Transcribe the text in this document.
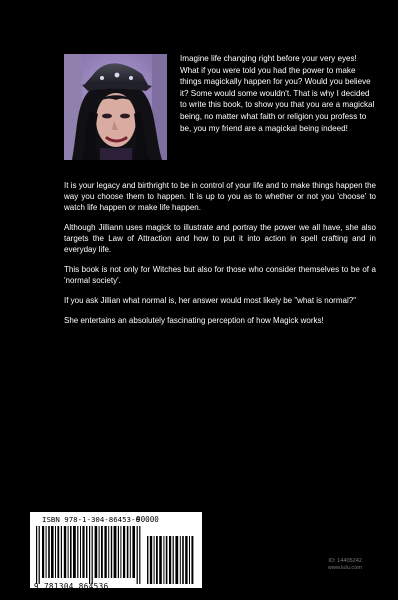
Imagine life changing right before your very eyes! What if you were told you had the power to make things magickally happen for you? Would you believe it? Some would some wouldn't. That is why I decided to write this book, to show you that you are a magickal being, no matter what faith or religion you profess to be, you my friend are a magickal being indeed!

It is your legacy and birthright to be in control of your life and to make things happen the way you choose them to happen. It is up to you as to whether or not you 'choose' to watch life happen or make life happen.

Although Jilliann uses magick to illustrate and portray the power we all have, she also targets the Law of Attraction and how to put it into action in spell crafting and in everyday life.

This book is not only for Witches but also for those who consider themselves to be of a 'normal society'.

If you ask Jillian what normal is, her answer would most likely be "what is normal?"

She entertains an absolutely fascinating perception of how Magick works!

ISBN 978-1-304-86453-6
90000
9 781304 864536
ID: 14405242
www.lulu.com
